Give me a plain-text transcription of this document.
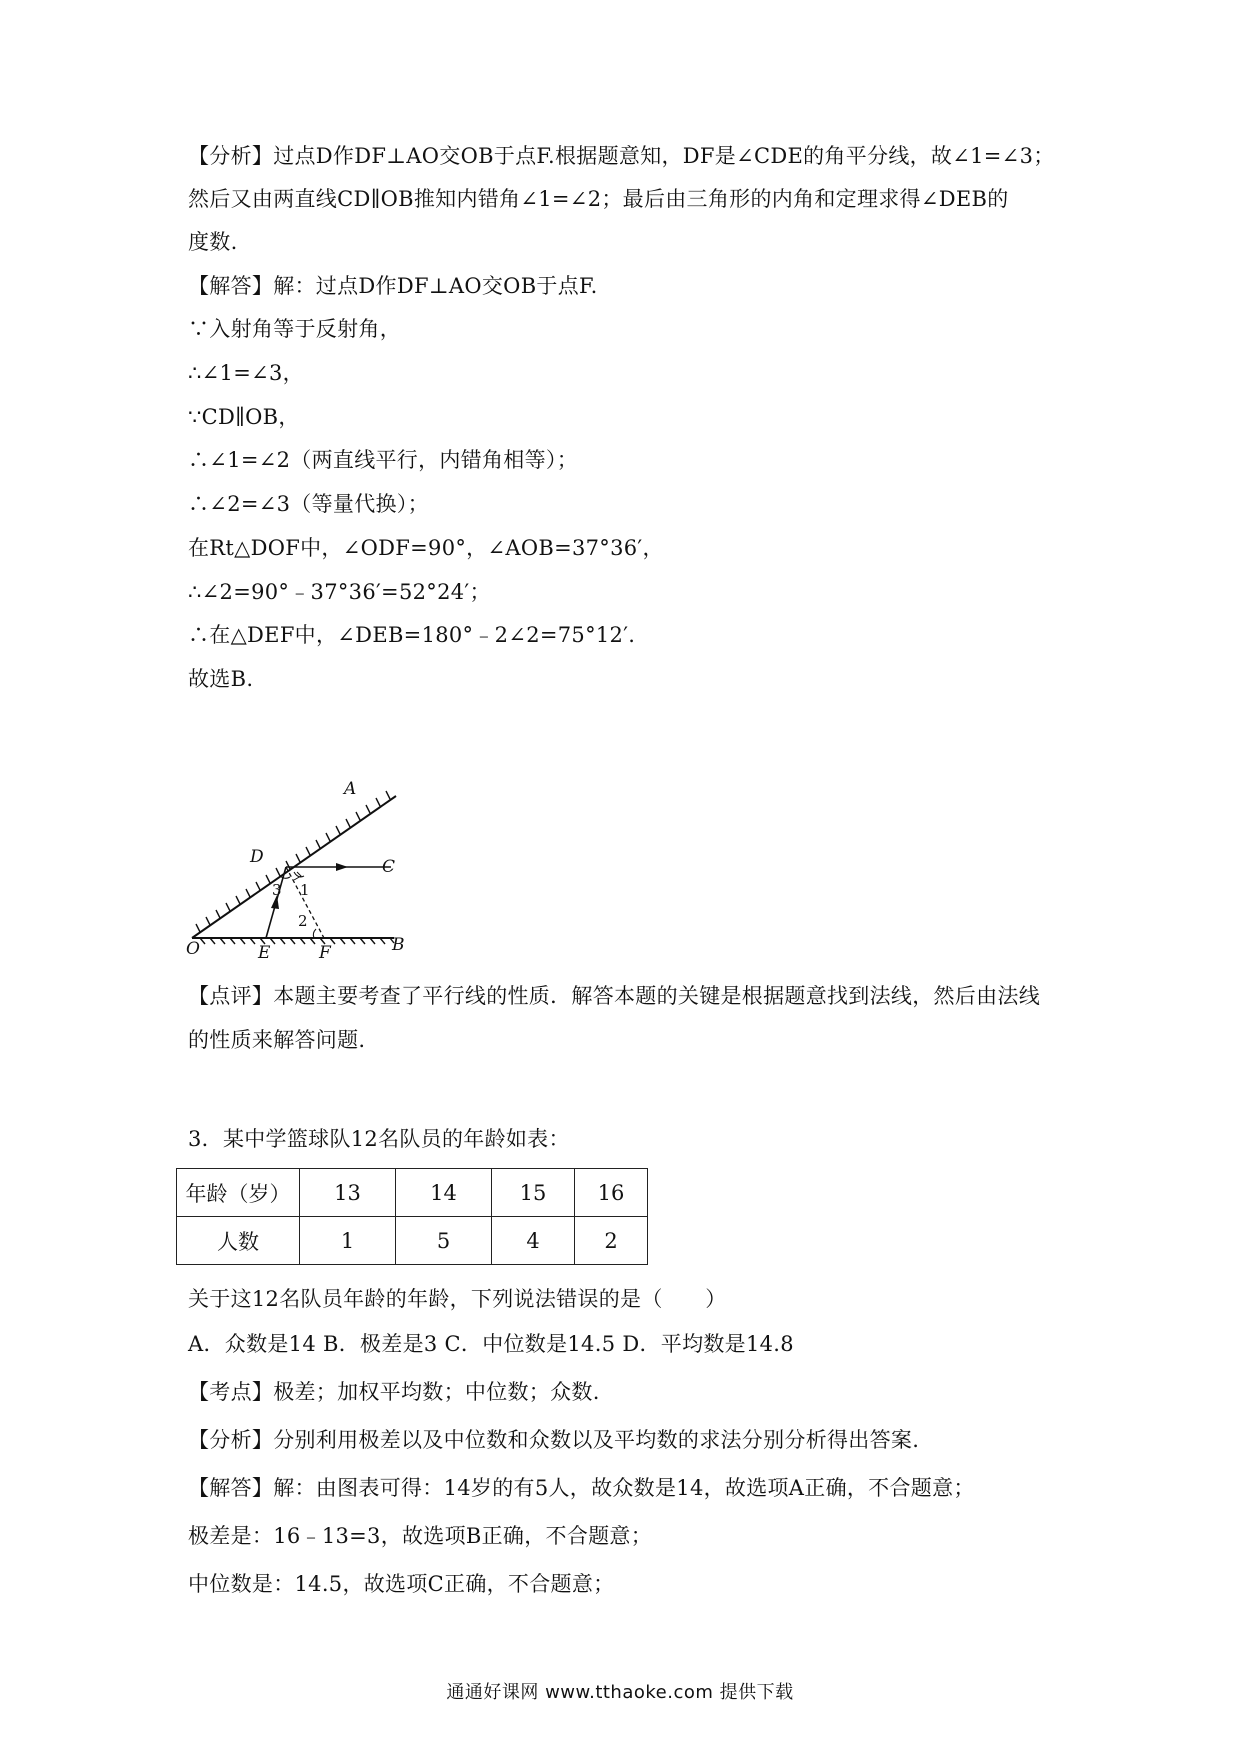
【分析】过点D作DF⊥AO交OB于点F.根据题意知，DF是∠CDE的角平分线，故∠1=∠3；
然后又由两直线CD∥OB推知内错角∠1=∠2；最后由三角形的内角和定理求得∠DEB的
度数.
【解答】解：过点D作DF⊥AO交OB于点F.
∵入射角等于反射角，
∴∠1=∠3，
∵CD∥OB，
∴∠1=∠2（两直线平行，内错角相等）；
∴∠2=∠3（等量代换）；
在Rt△DOF中，∠ODF=90°，∠AOB=37°36′，
∴∠2=90°﹣37°36′=52°24′；
∴在△DEF中，∠DEB=180°﹣2∠2=75°12′.
故选B.
A
D	C
O	E	F	B
1
3
2
【点评】本题主要考查了平行线的性质．解答本题的关键是根据题意找到法线，然后由法线
的性质来解答问题.
3．某中学篮球队12名队员的年龄如表：
年龄（岁）	13	14	15	16
人数	1	5	4	2
关于这12名队员年龄的年龄，下列说法错误的是（　　）
A．众数是14 B．极差是3 C．中位数是14.5 D．平均数是14.8
【考点】极差；加权平均数；中位数；众数.
【分析】分别利用极差以及中位数和众数以及平均数的求法分别分析得出答案.
【解答】解：由图表可得：14岁的有5人，故众数是14，故选项A正确，不合题意；
极差是：16﹣13=3，故选项B正确，不合题意；
中位数是：14.5，故选项C正确，不合题意；
通通好课网 www.tthaoke.com 提供下载
